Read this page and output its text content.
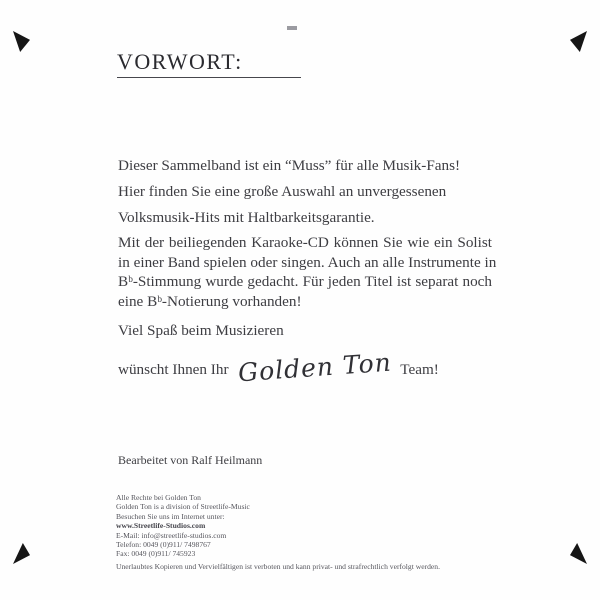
VORWORT:
Dieser Sammelband ist ein “Muss” für alle Musik-Fans!
Hier finden Sie eine große Auswahl an unvergessenen
Volksmusik-Hits mit Haltbarkeitsgarantie.
Mit der beiliegenden Karaoke-CD können Sie wie ein Solist
in einer Band spielen oder singen. Auch an alle Instrumente in
Bᵇ-Stimmung wurde gedacht. Für jeden Titel ist separat noch
eine Bᵇ-Notierung vorhanden!
Viel Spaß beim Musizieren
wünscht Ihnen Ihr Golden Ton Team!
Bearbeitet von Ralf Heilmann
Alle Rechte bei Golden Ton
Golden Ton is a division of Streetlife-Music
Besuchen Sie uns im Internet unter:
www.Streetlife-Studios.com
E-Mail: info@streetlife-studios.com
Telefon: 0049 (0)911/ 7498767
Fax: 0049 (0)911/ 745923
Unerlaubtes Kopieren und Vervielfältigen ist verboten und kann privat- und strafrechtlich verfolgt werden.
